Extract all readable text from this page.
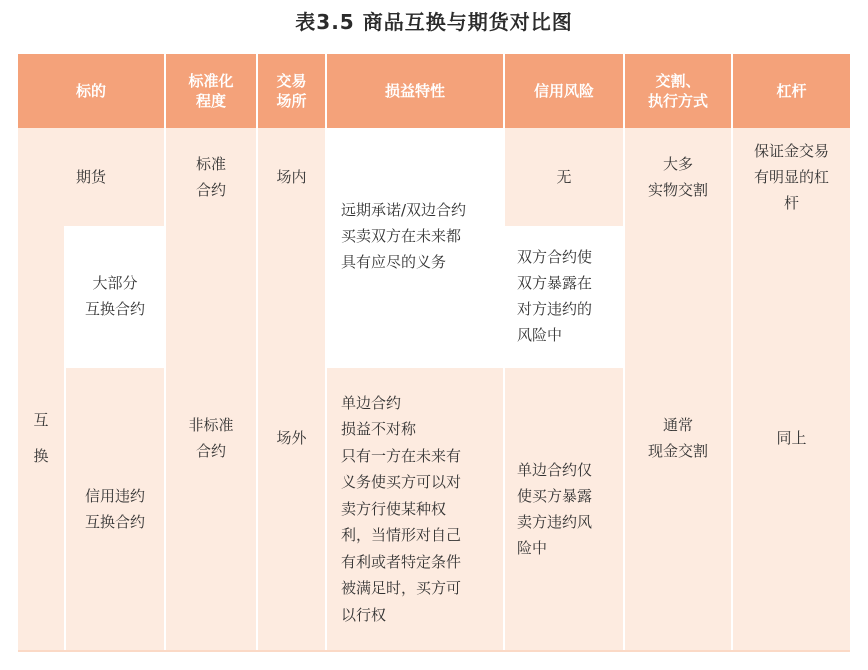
表3.5 商品互换与期货对比图
标的
标准化
程度
交易
场所
损益特性	信用风险
交割、
执行方式
杠杆
期货
标准
合约
场内
远期承诺/双边合约
买卖双方在未来都
具有应尽的义务
无
大多
实物交割
保证金交易
有明显的杠
杆
互
换
大部分
互换合约
信用违约
互换合约
非标准
合约
场外
单边合约
损益不对称
只有一方在未来有
义务使买方可以对
卖方行使某种权
利，当情形对自己
有利或者特定条件
被满足时，买方可
以行权
双方合约使
双方暴露在
对方违约的
风险中
单边合约仅
使买方暴露
卖方违约风
险中
通常
现金交割
同上
